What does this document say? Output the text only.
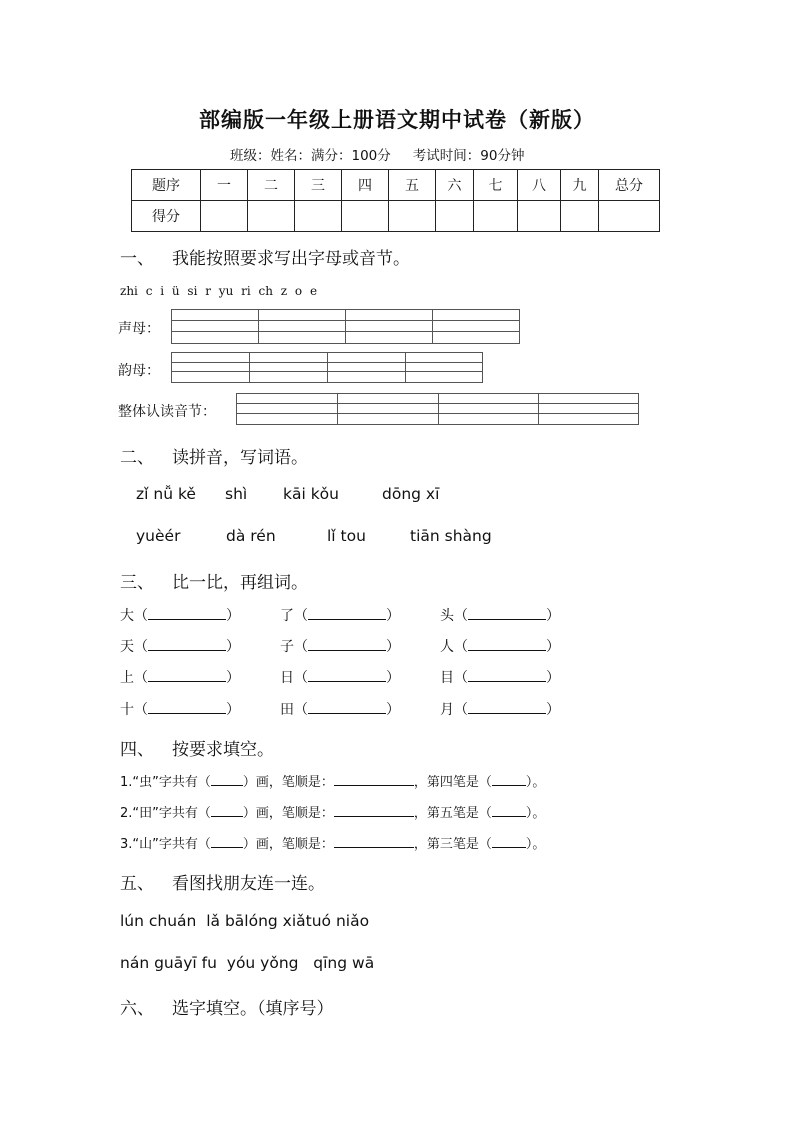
部编版一年级上册语文期中试卷（新版）
班级：姓名：满分：100分 考试时间：90分钟
题序	一	二	三	四	五	六	七	八	九	总分
得分										
一、 我能按照要求写出字母或音节。
zhi c i ü si r yu ri ch z o e
声母：
韵母：
整体认读音节：
二、 读拼音，写词语。
zǐ nǚ kě shì kāi kǒu	dōng xī
yuèér	dà rén	lǐ tou	tiān shàng
三、 比一比，再组词。
大（	）	了（	）	头（	）
天（	）	子（	）	人（	）
上（	）	日（	）	目（	）
十（	）	田（	）	月（	）
四、 按要求填空。
1.“虫”字共有（ ）画，笔顺是：	，第四笔是（	）。
2.“田”字共有（ ）画，笔顺是：	，第五笔是（	）。
3.“山”字共有（ ）画，笔顺是：	，第三笔是（	）。
五、 看图找朋友连一连。
lún chuán  lǎ bālóng xiǎtuó niǎo
nán guāyī fu  yóu yǒng   qīng wā
六、 选字填空。（填序号）
